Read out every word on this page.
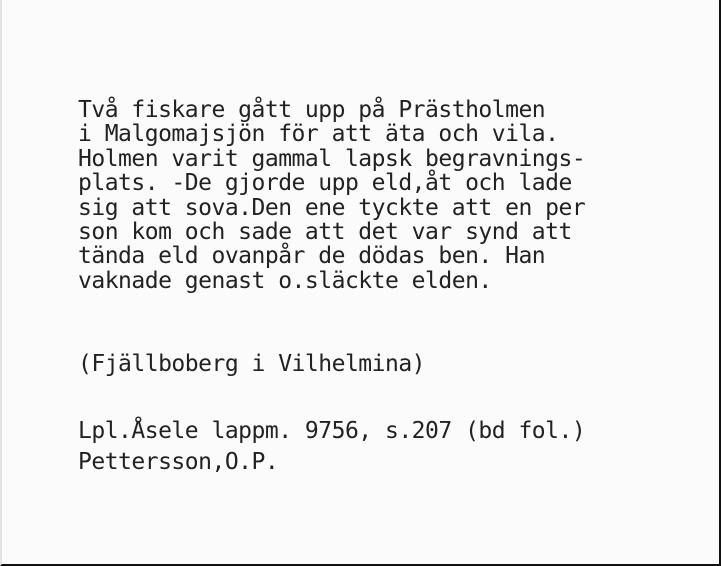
Två fiskare gått upp på Prästholmen
i Malgomajsjön för att äta och vila.
Holmen varit gammal lapsk begravnings-
plats. -De gjorde upp eld,åt och lade
sig att sova.Den ene tyckte att en per
son kom och sade att det var synd att
tända eld ovanpår de dödas ben. Han
vaknade genast o.släckte elden.
(Fjällboberg i Vilhelmina)
Lpl.Åsele lappm. 9756, s.207 (bd fol.)
Pettersson,O.P.
